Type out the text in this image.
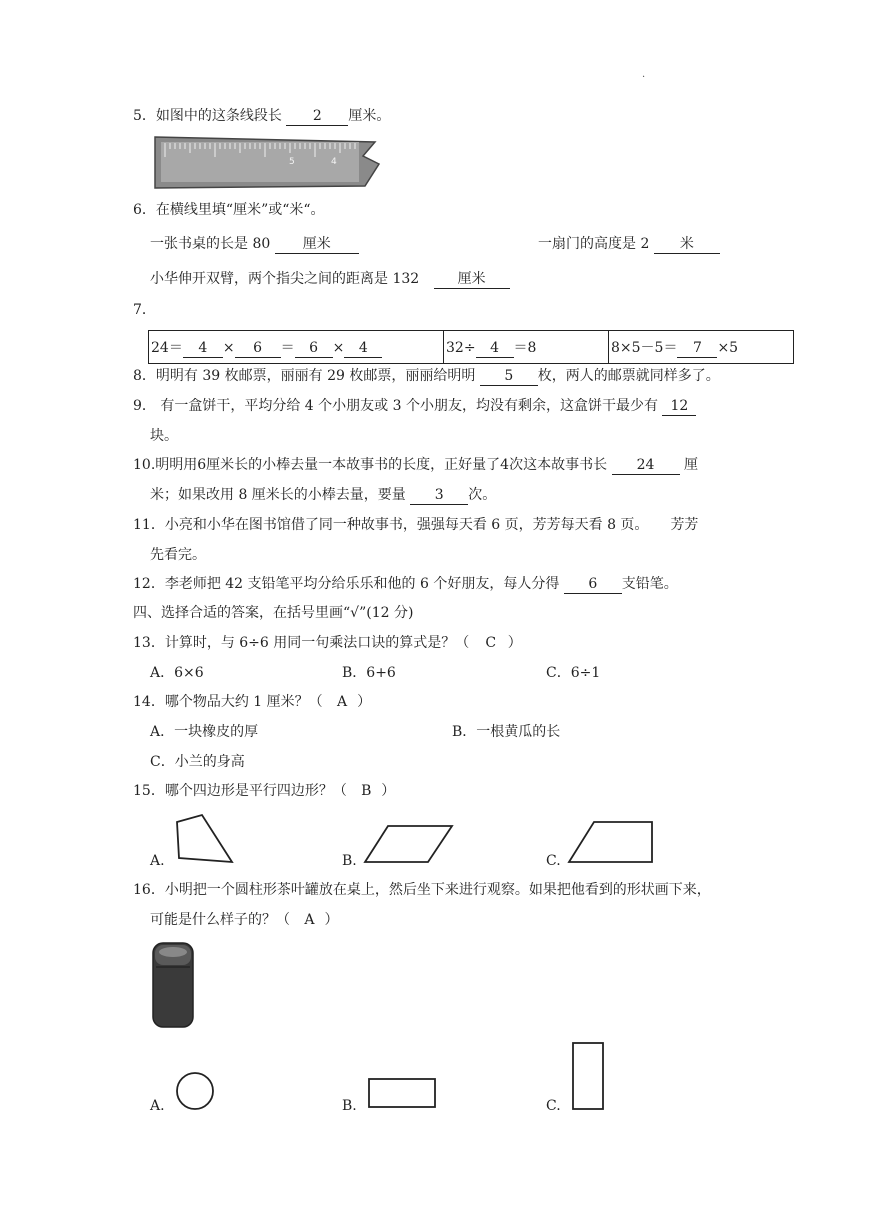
·
5．如图中的这条线段长 2 厘米。
5	4
6．在横线里填“厘米”或“米“。
一张书桌的长是 80 厘米	一扇门的高度是 2 米
小华伸开双臂，两个指尖之间的距离是 132	厘米
7．
24＝ 4 × 6 ＝ 6 × 4	32÷ 4 ＝8	8×5－5＝ 7 ×5
8．明明有 39 枚邮票，丽丽有 29 枚邮票，丽丽给明明 5 枚，两人的邮票就同样多了。
9． 有一盒饼干，平均分给 4 个小朋友或 3 个小朋友，均没有剩余，这盒饼干最少有 12
块。
10.明明用6厘米长的小棒去量一本故事书的长度，正好量了4次这本故事书长 24 厘
米；如果改用 8 厘米长的小棒去量，要量 3 次。
11．小亮和小华在图书馆借了同一种故事书，强强每天看 6 页，芳芳每天看 8 页。 芳芳
先看完。
12．李老师把 42 支铅笔平均分给乐乐和他的 6 个好朋友，每人分得 6 支铅笔。
四、选择合适的答案，在括号里画“√”(12 分)
13．计算时，与 6÷6 用同一句乘法口诀的算式是？（ C ）
A．6×6	B．6+6	C．6÷1
14．哪个物品大约 1 厘米？（ A ）
A．一块橡皮的厚	B．一根黄瓜的长
C．小兰的身高
15．哪个四边形是平行四边形？（ B ）
A.	B.	C.
16．小明把一个圆柱形茶叶罐放在桌上，然后坐下来进行观察。如果把他看到的形状画下来，
可能是什么样子的？（ A ）
A.	B.	C.
